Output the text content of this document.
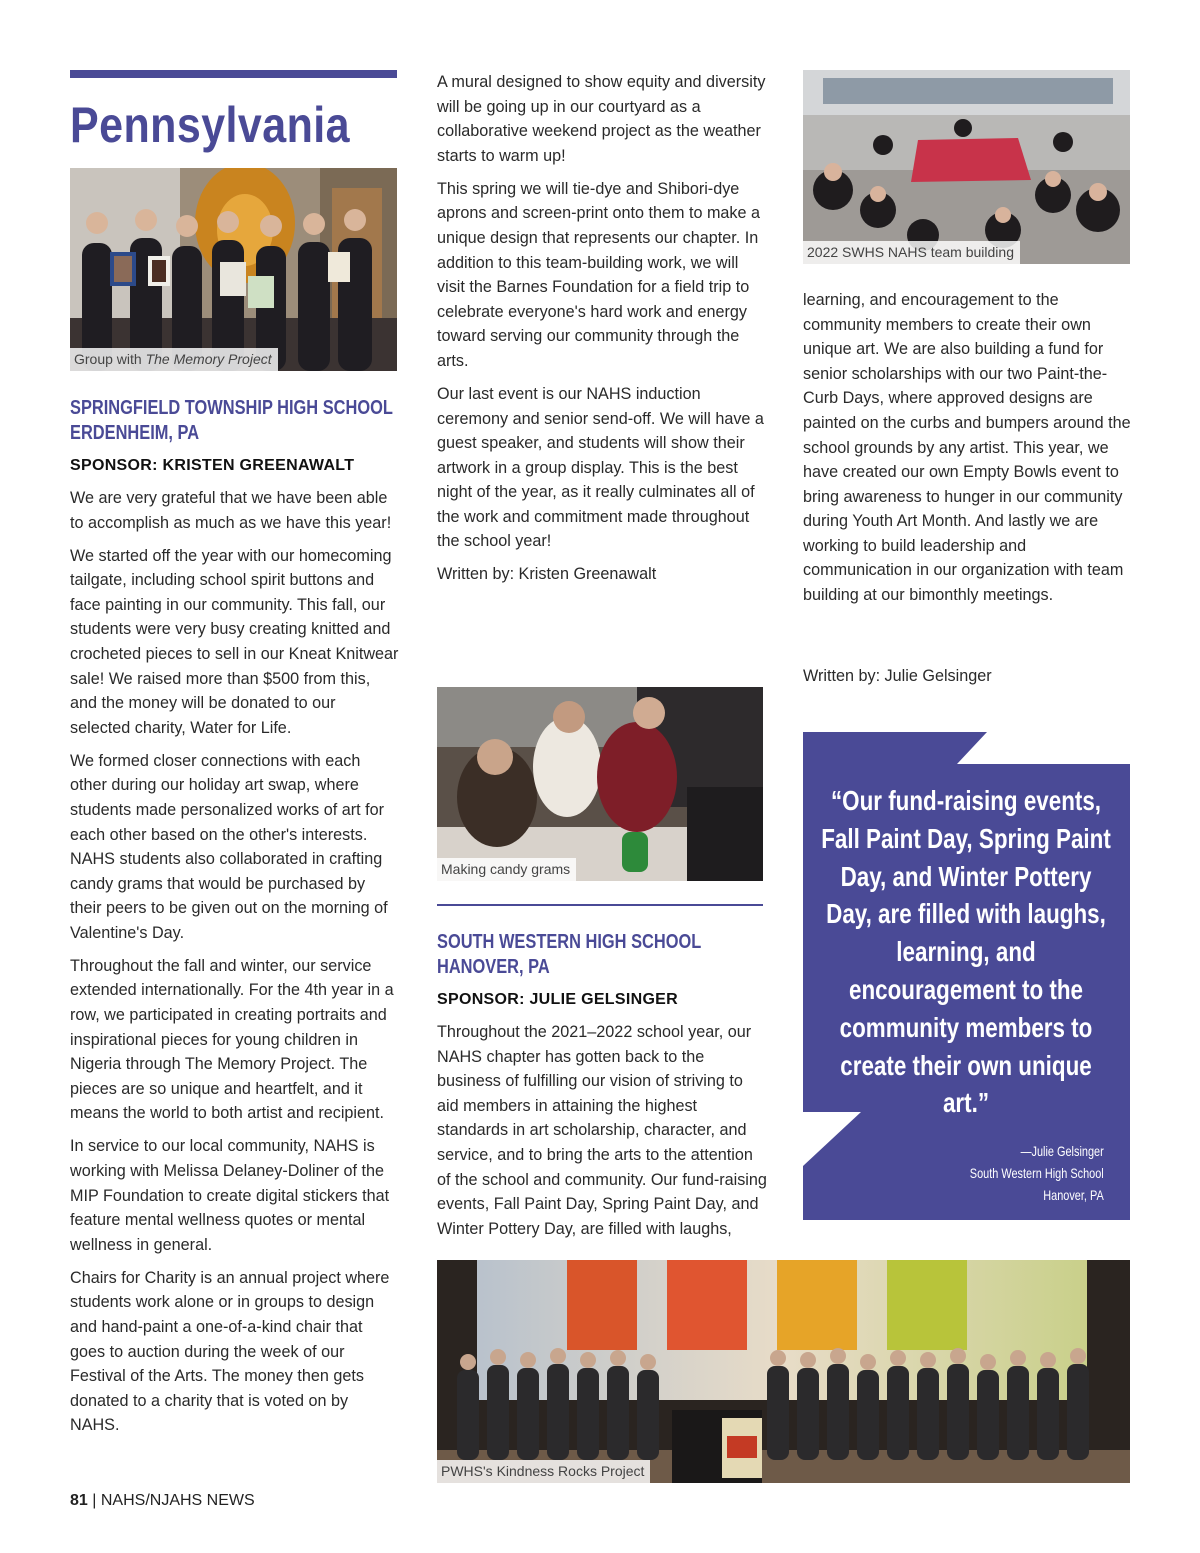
Pennsylvania
Group with The Memory Project
SPRINGFIELD TOWNSHIP HIGH SCHOOL
ERDENHEIM, PA
SPONSOR: KRISTEN GREENAWALT

We are very grateful that we have been able to accomplish as much as we have this year!

We started off the year with our homecoming tailgate, including school spirit buttons and face painting in our community. This fall, our students were very busy creating knitted and crocheted pieces to sell in our Kneat Knitwear sale! We raised more than $500 from this, and the money will be donated to our selected charity, Water for Life.

We formed closer connections with each other during our holiday art swap, where students made personalized works of art for each other based on the other's interests. NAHS students also collaborated in crafting candy grams that would be purchased by their peers to be given out on the morning of Valentine's Day.

Throughout the fall and winter, our service extended internationally. For the 4th year in a row, we participated in creating portraits and inspirational pieces for young children in Nigeria through The Memory Project. The pieces are so unique and heartfelt, and it means the world to both artist and recipient.

In service to our local community, NAHS is working with Melissa Delaney-Doliner of the MIP Foundation to create digital stickers that feature mental wellness quotes or mental wellness in general.

Chairs for Charity is an annual project where students work alone or in groups to design and hand-paint a one-of-a-kind chair that goes to auction during the week of our Festival of the Arts. The money then gets donated to a charity that is voted on by NAHS.

A mural designed to show equity and diversity will be going up in our courtyard as a collaborative weekend project as the weather starts to warm up!

This spring we will tie-dye and Shibori-dye aprons and screen-print onto them to make a unique design that represents our chapter. In addition to this team-building work, we will visit the Barnes Foundation for a field trip to celebrate everyone's hard work and energy toward serving our community through the arts.

Our last event is our NAHS induction ceremony and senior send-off. We will have a guest speaker, and students will show their artwork in a group display. This is the best night of the year, as it really culminates all of the work and commitment made throughout the school year!

Written by: Kristen Greenawalt

Making candy grams
SOUTH WESTERN HIGH SCHOOL
HANOVER, PA
SPONSOR: JULIE GELSINGER

Throughout the 2021–2022 school year, our NAHS chapter has gotten back to the business of fulfilling our vision of striving to aid members in attaining the highest standards in art scholarship, character, and service, and to bring the arts to the attention of the school and community. Our fund-raising events, Fall Paint Day, Spring Paint Day, and Winter Pottery Day, are filled with laughs,

learning, and encouragement to the community members to create their own unique art. We are also building a fund for senior scholarships with our two Paint-the-Curb Days, where approved designs are painted on the curbs and bumpers around the school grounds by any artist. This year, we have created our own Empty Bowls event to bring awareness to hunger in our community during Youth Art Month. And lastly we are working to build leadership and communication in our organization with team building at our bimonthly meetings.

Written by: Julie Gelsinger

2022 SWHS NAHS team building
“Our fund-raising events, Fall Paint Day, Spring Paint Day, and Winter Pottery Day, are filled with laughs, learning, and encouragement to the community members to create their own unique art.”
—Julie Gelsinger
South Western High School
Hanover, PA
PWHS's Kindness Rocks Project
81 | NAHS/NJAHS NEWS
